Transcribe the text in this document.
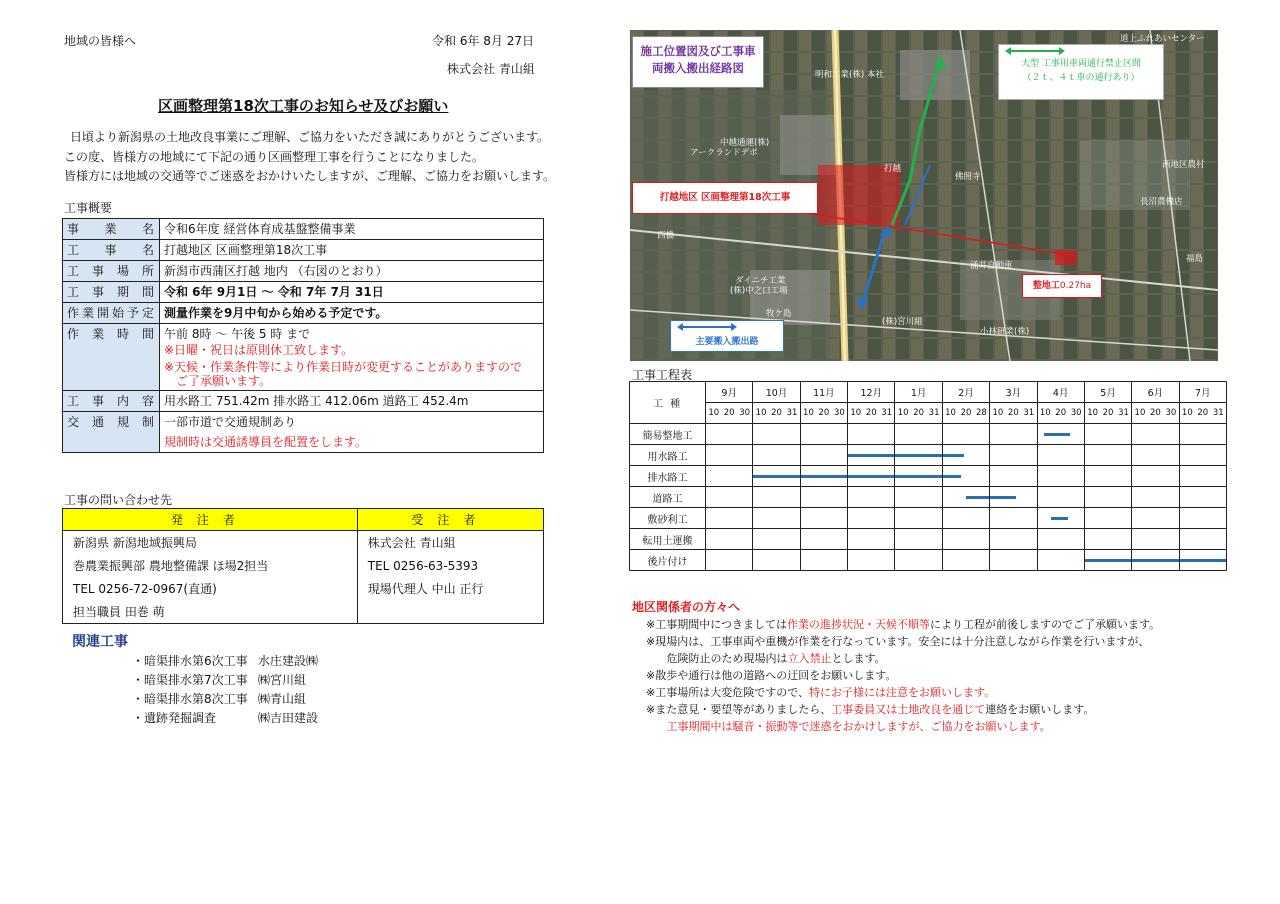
地域の皆様へ	令和 6年 8月 27日
株式会社 青山組
区画整理第18次工事のお知らせ及びお願い
日頃より新潟県の土地改良事業にご理解、ご協力をいただき誠にありがとうございます。
この度、皆様方の地域にて下記の通り区画整理工事を行うことになりました。
皆様方には地域の交通等でご迷惑をおかけいたしますが、ご理解、ご協力をお願いします。
工事概要
事業名	令和6年度 経営体育成基盤整備事業
工事名	打越地区 区画整理第18次工事
工事場所	新潟市西蒲区打越 地内 （右図のとおり）
工事期間	令和 6年 9月1日 ～ 令和 7年 7月 31日
作業開始予定	測量作業を9月中旬から始める予定です。
作業時間	午前 8時 ～ 午後 5 時 まで
※日曜・祝日は原則休工致します。
※天候・作業条件等により作業日時が変更することがありますので
ご了承願います。

工事内容	用水路工 751.42m 排水路工 412.06m 道路工 452.4m
交通規制	一部市道で交通規制あり
規制時は交通誘導員を配置をします。
工事の問い合わせ先
発注者	受注者
新潟県 新潟地域振興局	株式会社 青山組
巻農業振興部 農地整備課 ほ場2担当	TEL 0256-63-5393
TEL 0256-72-0967(直通)	現場代理人 中山 正行
担当職員 田巻 萌	
関連工事
・暗渠排水第6次工事 水庄建設㈱
・暗渠排水第7次工事 ㈱宮川組
・暗渠排水第8次工事 ㈱青山組
・遺跡発掘調査	㈱吉田建設
施工位置図及び工事車
両搬入搬出経路図	大型 工事用車両通行禁止区間
（２ｔ、４ｔ車の通行あり）
打越地区 区画整理第18次工事
整地工0.27ha
主要搬入搬出路
明和工業(株) 本社
中越通運(株)
アークランドデポ
打越
佛照寺
長沼農機店
西橋
涌井自動車
ダイニチ工業
(株)中之口工場
牧ケ島
(株)宮川組
小林研業(株)
西地区農村
道上ふれあいセンター
福島
工事工程表
工 種	9月	10月	11月	12月	1月	2月	3月	4月	5月	6月	7月

	10 20 30	10 20 31	10 20 30	10 20 31	10 20 31	10 20 28	10 20 31	10 20 30	10 20 31	10 20 30	10 20 31

簡易整地工								

用水路工				

排水路工		

道路工						

敷砂利工								

転用土運搬											
後片付け									

地区関係者の方々へ
※工事期間中につきましては作業の進捗状況・天候不順等により工程が前後しますのでご了承願います。
※現場内は、工事車両や重機が作業を行なっています。安全には十分注意しながら作業を行いますが、
危険防止のため現場内は立入禁止とします。
※散歩や通行は他の道路への迂回をお願いします。
※工事場所は大変危険ですので、特にお子様には注意をお願いします。
※また意見・要望等がありましたら、工事委員又は土地改良を通じて連絡をお願いします。
工事期間中は騒音・振動等で迷惑をおかけしますが、ご協力をお願いします。
